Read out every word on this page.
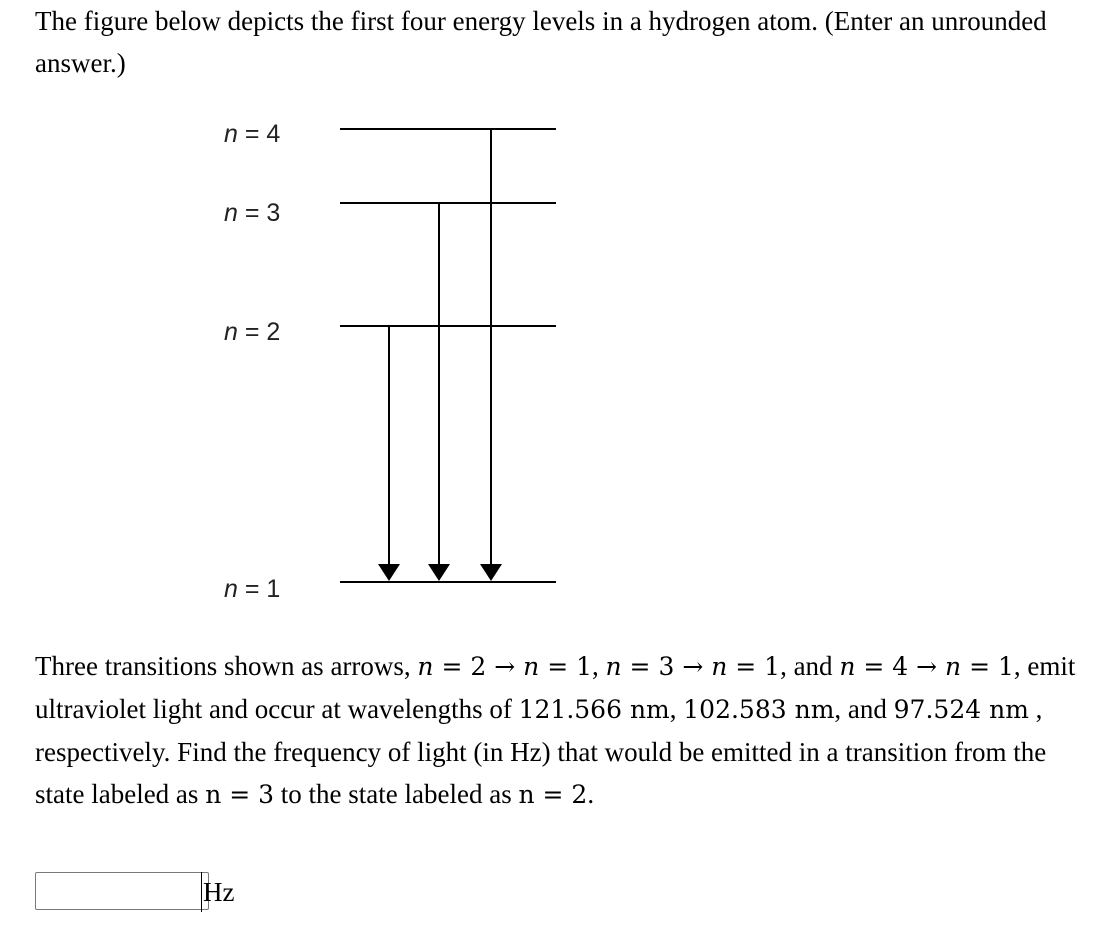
The figure below depicts the first four energy levels in a hydrogen atom. (Enter an unrounded answer.)

n = 4
n = 3
n = 2
n = 1

Three transitions shown as arrows, n = 2 → n = 1, n = 3 → n = 1, and n = 4 → n = 1, emit ultraviolet light and occur at wavelengths of 121.566 nm, 102.583 nm, and 97.524 nm , respectively. Find the frequency of light (in Hz) that would be emitted in a transition from the state labeled as n = 3 to the state labeled as n = 2.

Hz
